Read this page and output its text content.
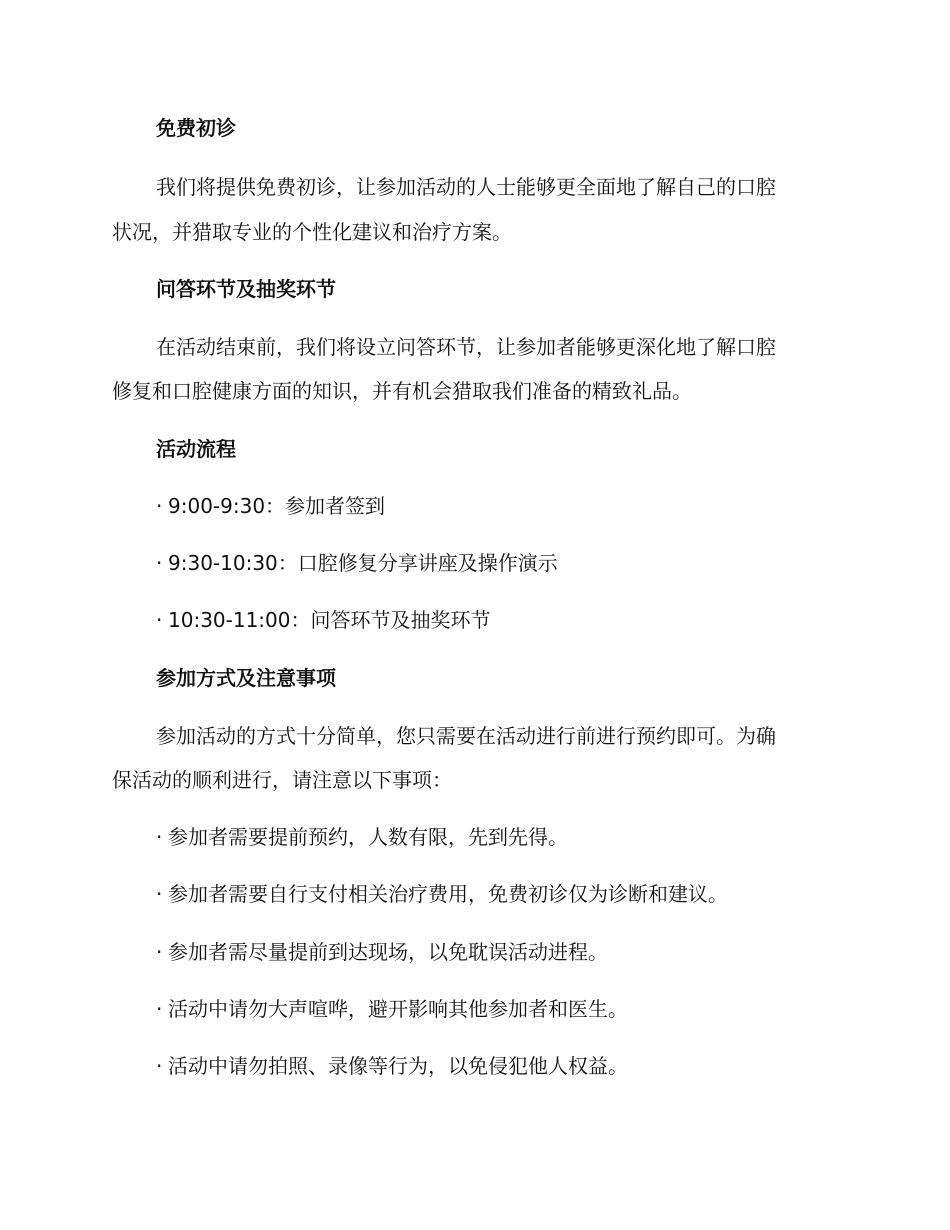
免费初诊

我们将提供免费初诊，让参加活动的人士能够更全面地了解自己的口腔

状况，并猎取专业的个性化建议和治疗方案。

问答环节及抽奖环节

在活动结束前，我们将设立问答环节，让参加者能够更深化地了解口腔

修复和口腔健康方面的知识，并有机会猎取我们准备的精致礼品。

活动流程

· 9:00-9:30：参加者签到

· 9:30-10:30：口腔修复分享讲座及操作演示

· 10:30-11:00：问答环节及抽奖环节

参加方式及注意事项

参加活动的方式十分简单，您只需要在活动进行前进行预约即可。为确

保活动的顺利进行，请注意以下事项：

· 参加者需要提前预约，人数有限，先到先得。

· 参加者需要自行支付相关治疗费用，免费初诊仅为诊断和建议。

· 参加者需尽量提前到达现场，以免耽误活动进程。

· 活动中请勿大声喧哗，避开影响其他参加者和医生。

· 活动中请勿拍照、录像等行为，以免侵犯他人权益。
